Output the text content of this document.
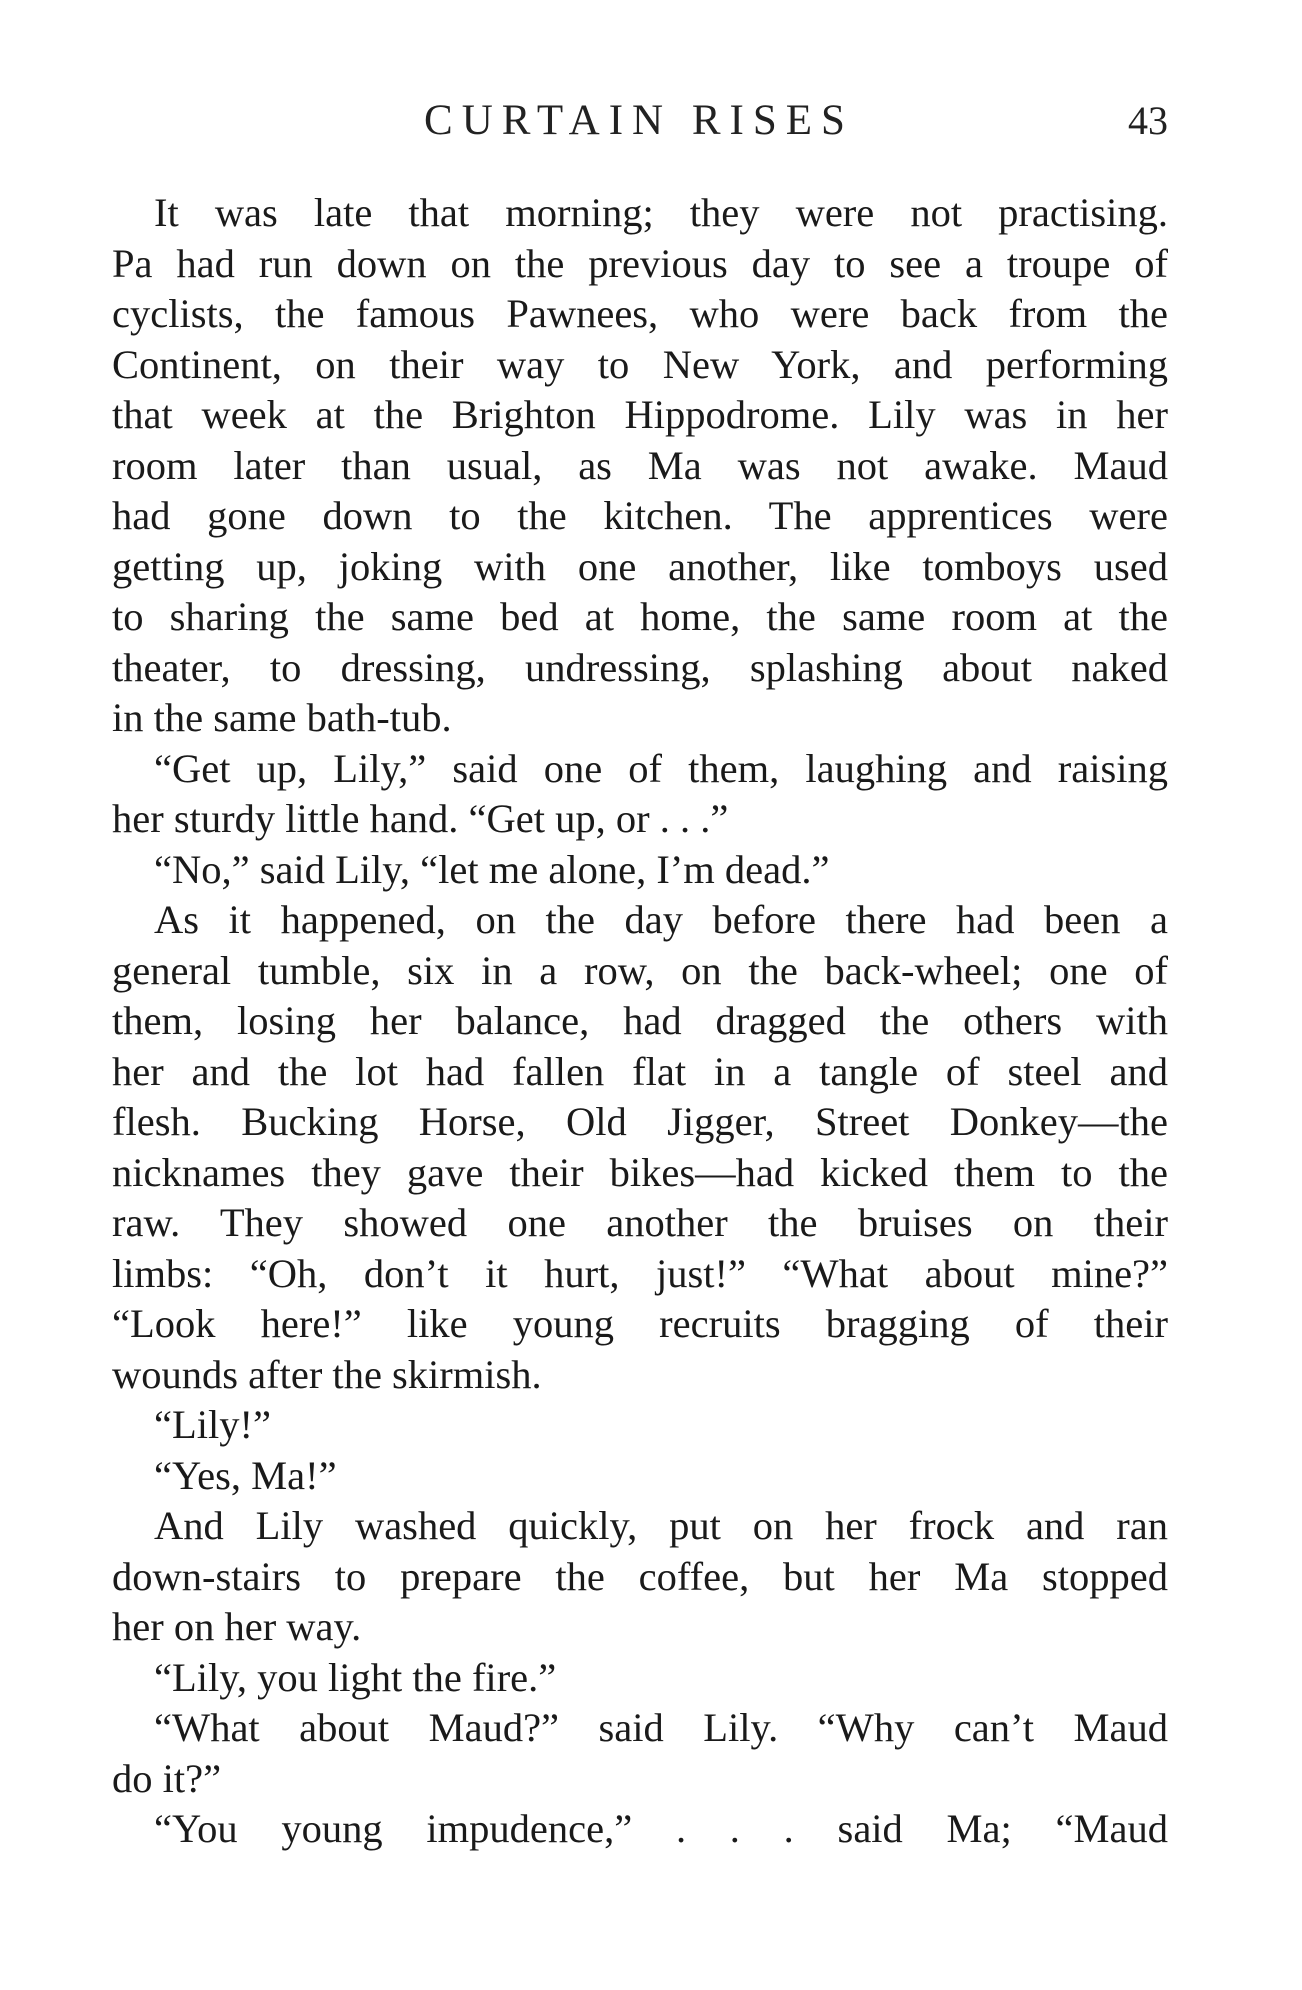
CURTAIN RISES	43
It was late that morning; they were not practising.
Pa had run down on the previous day to see a troupe of
cyclists, the famous Pawnees, who were back from the
Continent, on their way to New York, and performing
that week at the Brighton Hippodrome. Lily was in her
room later than usual, as Ma was not awake. Maud
had gone down to the kitchen. The apprentices were
getting up, joking with one another, like tomboys used
to sharing the same bed at home, the same room at the
theater, to dressing, undressing, splashing about naked
in the same bath-tub.
“Get up, Lily,” said one of them, laughing and raising
her sturdy little hand. “Get up, or . . .”
“No,” said Lily, “let me alone, I’m dead.”
As it happened, on the day before there had been a
general tumble, six in a row, on the back-wheel; one of
them, losing her balance, had dragged the others with
her and the lot had fallen flat in a tangle of steel and
flesh. Bucking Horse, Old Jigger, Street Donkey—the
nicknames they gave their bikes—had kicked them to the
raw. They showed one another the bruises on their
limbs: “Oh, don’t it hurt, just!” “What about mine?”
“Look here!” like young recruits bragging of their
wounds after the skirmish.
“Lily!”
“Yes, Ma!”
And Lily washed quickly, put on her frock and ran
down-stairs to prepare the coffee, but her Ma stopped
her on her way.
“Lily, you light the fire.”
“What about Maud?” said Lily. “Why can’t Maud
do it?”
“You young impudence,” . . . said Ma; “Maud
